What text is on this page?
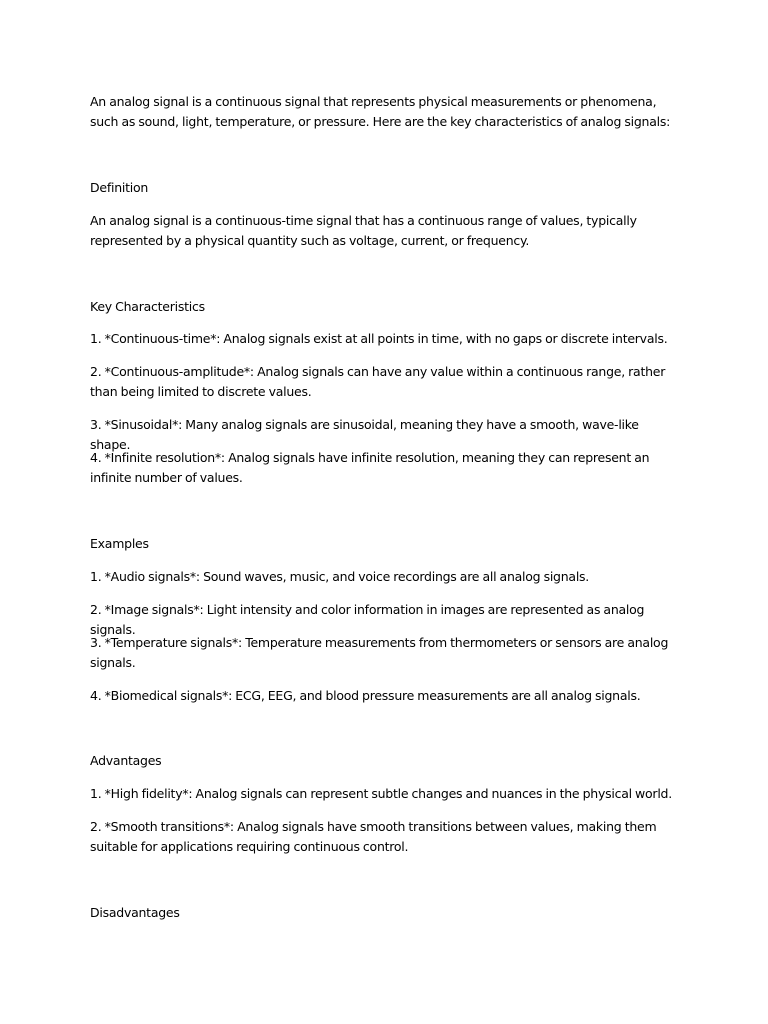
An analog signal is a continuous signal that represents physical measurements or phenomena, such as sound, light, temperature, or pressure. Here are the key characteristics of analog signals:

Definition

An analog signal is a continuous-time signal that has a continuous range of values, typically represented by a physical quantity such as voltage, current, or frequency.

Key Characteristics

1. *Continuous-time*: Analog signals exist at all points in time, with no gaps or discrete intervals.

2. *Continuous-amplitude*: Analog signals can have any value within a continuous range, rather than being limited to discrete values.

3. *Sinusoidal*: Many analog signals are sinusoidal, meaning they have a smooth, wave-like shape.

4. *Infinite resolution*: Analog signals have infinite resolution, meaning they can represent an infinite number of values.

Examples

1. *Audio signals*: Sound waves, music, and voice recordings are all analog signals.

2. *Image signals*: Light intensity and color information in images are represented as analog signals.

3. *Temperature signals*: Temperature measurements from thermometers or sensors are analog signals.

4. *Biomedical signals*: ECG, EEG, and blood pressure measurements are all analog signals.

Advantages

1. *High fidelity*: Analog signals can represent subtle changes and nuances in the physical world.

2. *Smooth transitions*: Analog signals have smooth transitions between values, making them suitable for applications requiring continuous control.

Disadvantages
